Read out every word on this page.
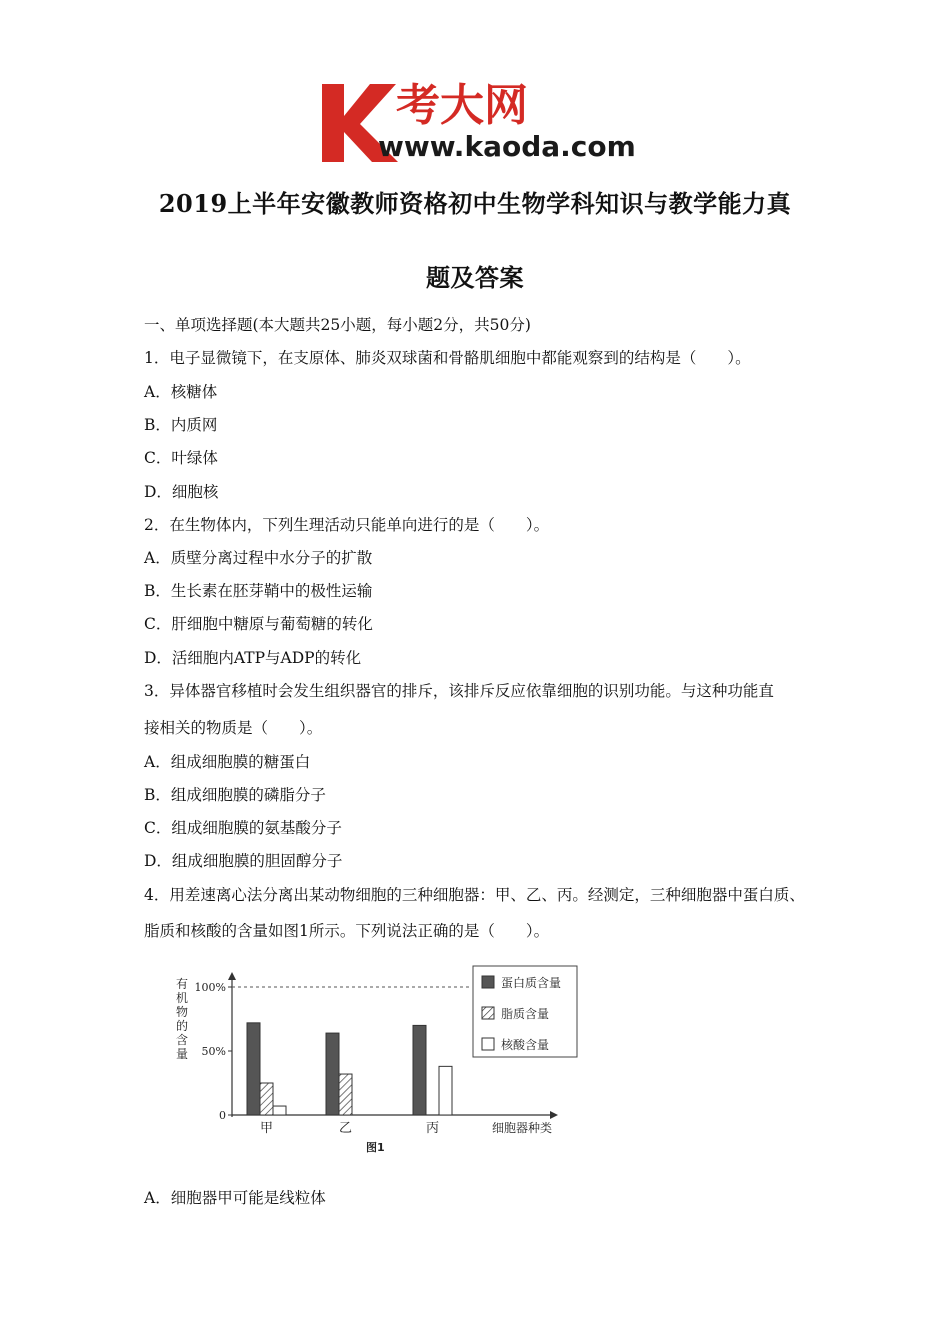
考大网
www.kaoda.com
2019上半年安徽教师资格初中生物学科知识与教学能力真
题及答案
一、单项选择题(本大题共25小题，每小题2分，共50分)
1．电子显微镜下，在支原体、肺炎双球菌和骨骼肌细胞中都能观察到的结构是（　　）。
A．核糖体
B．内质网
C．叶绿体
D．细胞核
2．在生物体内，下列生理活动只能单向进行的是（　　）。
A．质壁分离过程中水分子的扩散
B．生长素在胚芽鞘中的极性运输
C．肝细胞中糖原与葡萄糖的转化
D．活细胞内ATP与ADP的转化
3．异体器官移植时会发生组织器官的排斥，该排斥反应依靠细胞的识别功能。与这种功能直
接相关的物质是（　　）。
A．组成细胞膜的糖蛋白
B．组成细胞膜的磷脂分子
C．组成细胞膜的氨基酸分子
D．组成细胞膜的胆固醇分子
4．用差速离心法分离出某动物细胞的三种细胞器：甲、乙、丙。经测定，三种细胞器中蛋白质、
脂质和核酸的含量如图1所示。下列说法正确的是（　　）。
有
机
物
的
含
量
0
50%
100%
甲	乙	丙	细胞器种类
图1
蛋白质含量
脂质含量
核酸含量
A．细胞器甲可能是线粒体
